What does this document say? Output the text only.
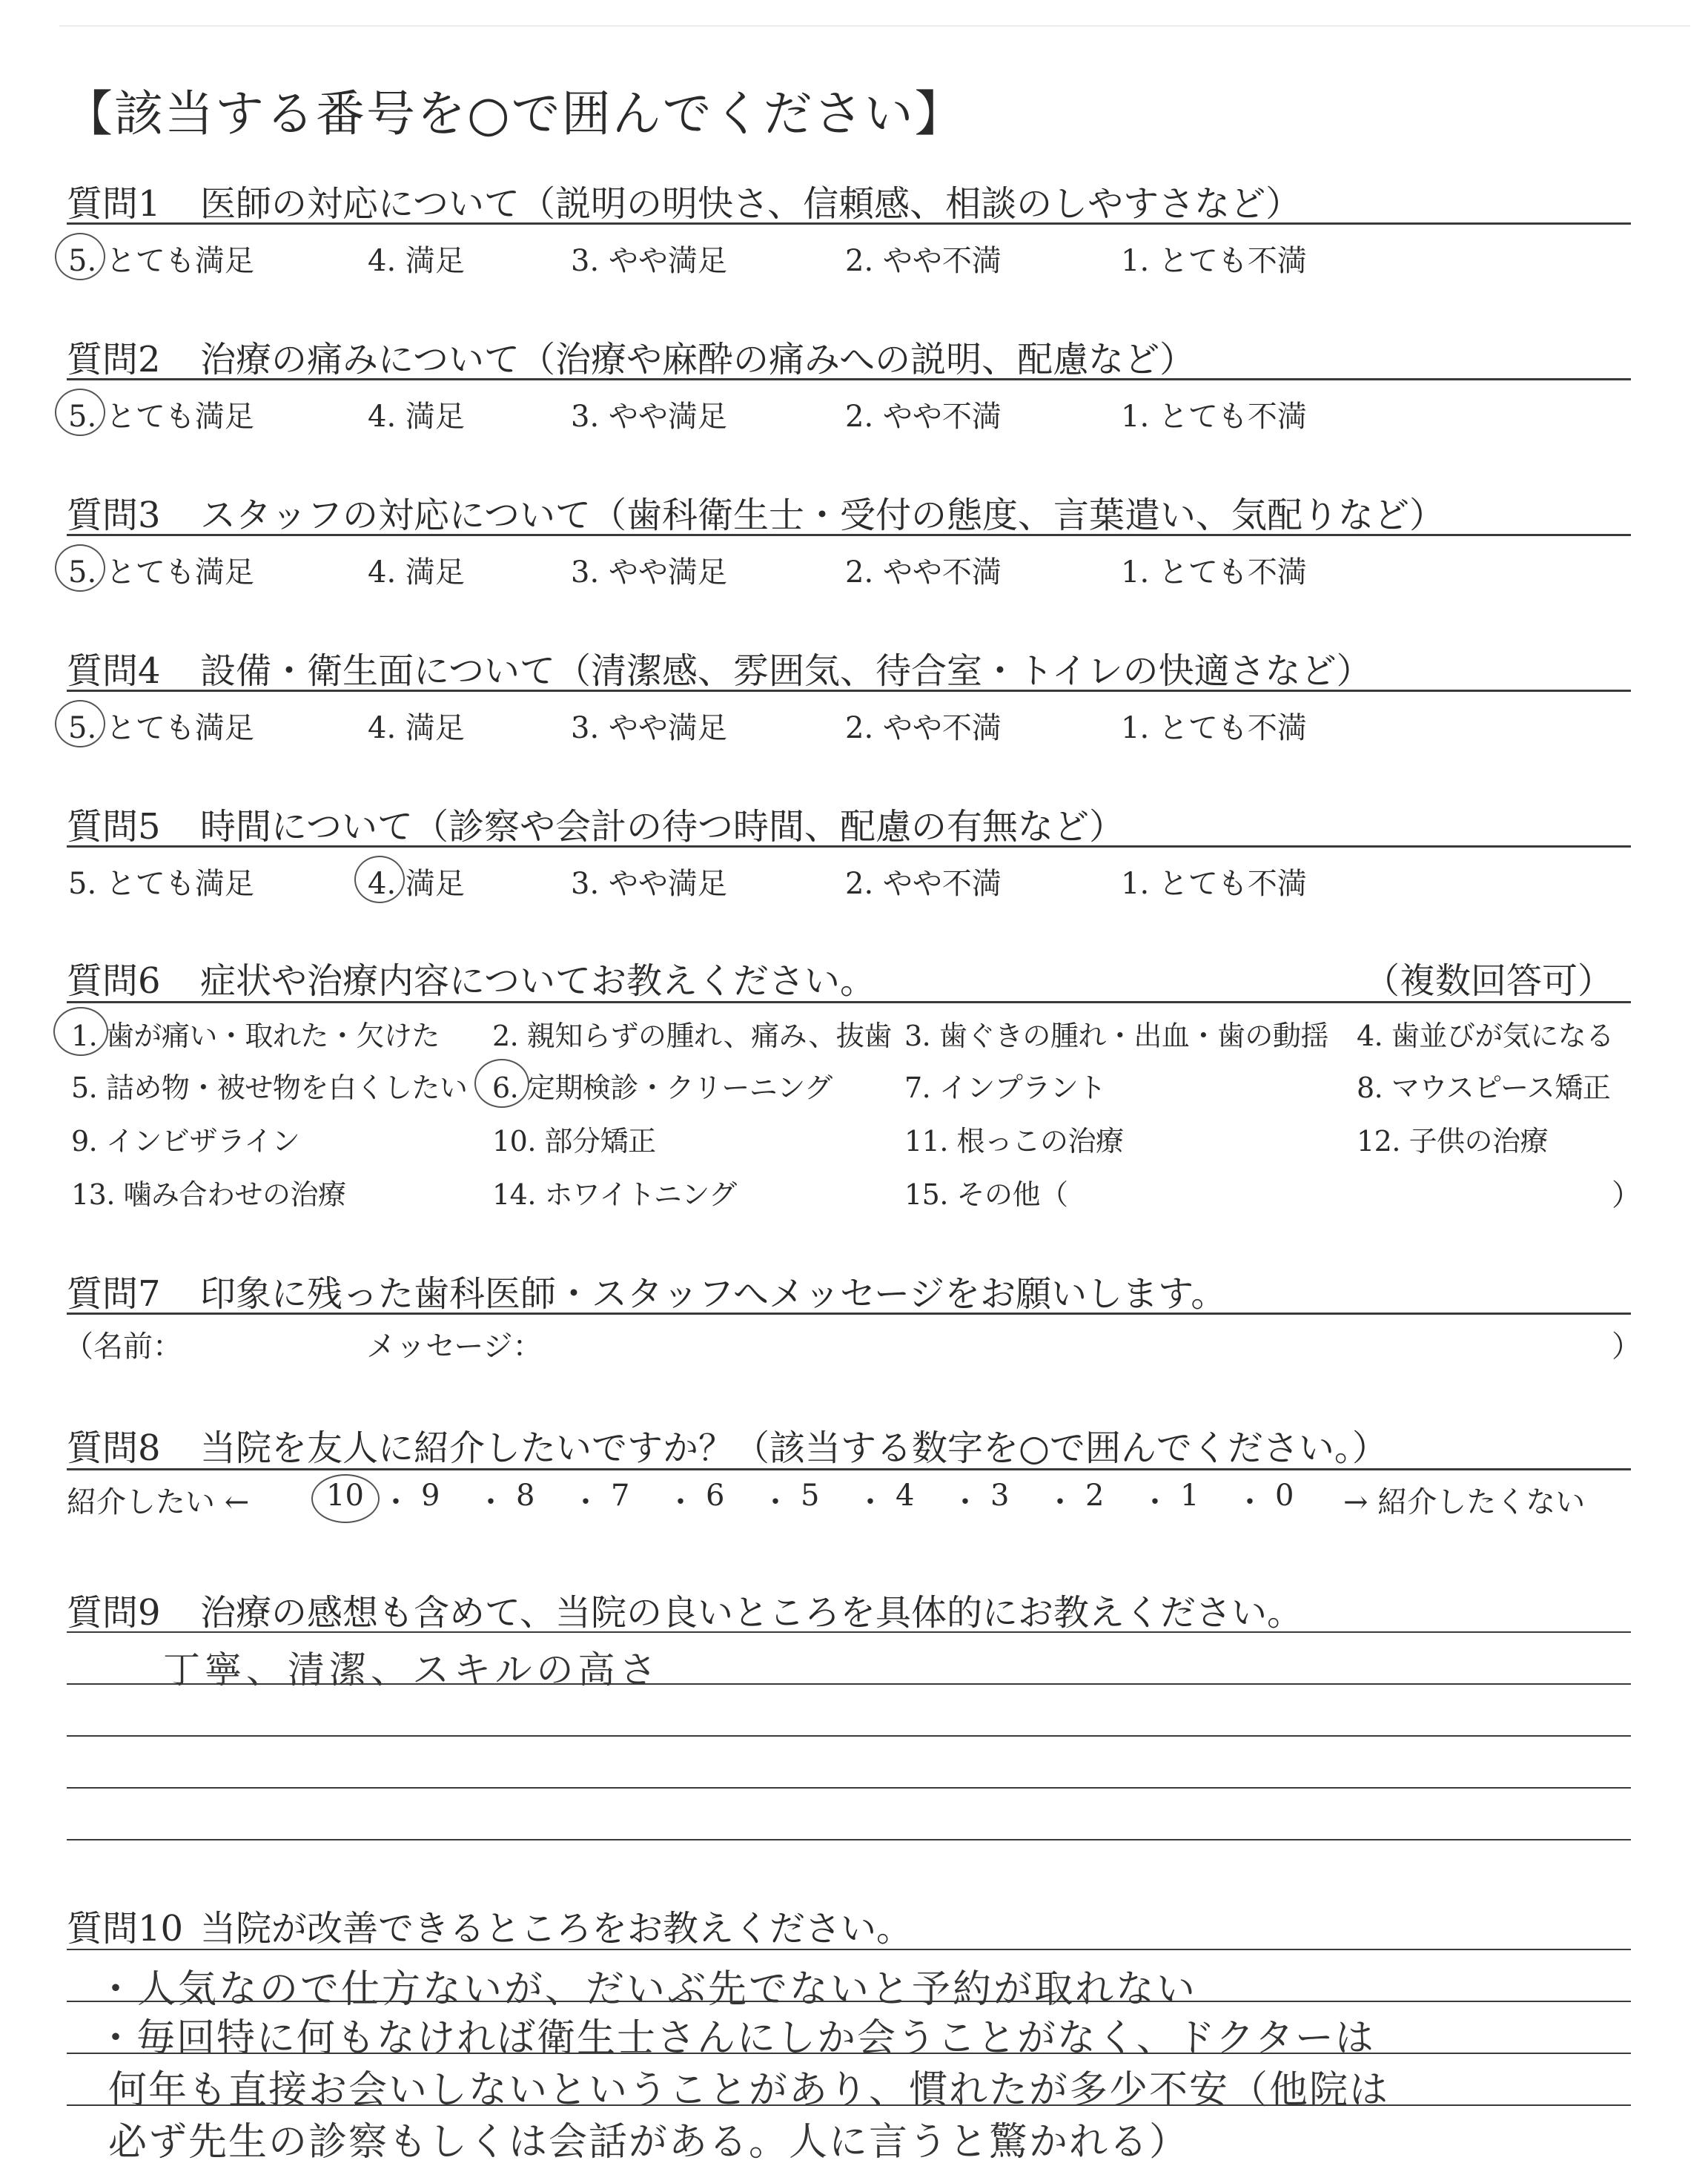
【該当する番号を○で囲んでください】
質問1 医師の対応について（説明の明快さ、信頼感、相談のしやすさなど）
質問2 治療の痛みについて（治療や麻酔の痛みへの説明、配慮など）
質問3 スタッフの対応について（歯科衛生士・受付の態度、言葉遣い、気配りなど）
質問4 設備・衛生面について（清潔感、雰囲気、待合室・トイレの快適さなど）
質問5 時間について（診察や会計の待つ時間、配慮の有無など）
5. とても満足	4. 満足	3. やや満足	2. やや不満	1. とても不満
5. とても満足	4. 満足	3. やや満足	2. やや不満	1. とても不満
5. とても満足	4. 満足	3. やや満足	2. やや不満	1. とても不満
5. とても満足	4. 満足	3. やや満足	2. やや不満	1. とても不満
5. とても満足	4. 満足	3. やや満足	2. やや不満	1. とても不満
質問6 症状や治療内容についてお教えください。	（複数回答可）
1. 歯が痛い・取れた・欠けた 2. 親知らずの腫れ、痛み、抜歯 3. 歯ぐきの腫れ・出血・歯の動揺 4. 歯並びが気になる
5. 詰め物・被せ物を白くしたい 6. 定期検診・クリーニング	7. インプラント	8. マウスピース矯正
9. インビザライン	10. 部分矯正	11. 根っこの治療	12. 子供の治療
13. 噛み合わせの治療	14. ホワイトニング	15. その他（	）
質問7 印象に残った歯科医師・スタッフへメッセージをお願いします。
（名前：	メッセージ：	）
質問8 当院を友人に紹介したいですか？（該当する数字を○で囲んでください。）
紹介したい ←	10 ・ 9 ・ 8 ・ 7 ・ 6 ・ 5 ・ 4 ・ 3 ・ 2 ・ 1 ・ 0 → 紹介したくない
質問9 治療の感想も含めて、当院の良いところを具体的にお教えください。
丁寧、清潔、スキルの高さ
質問10 当院が改善できるところをお教えください。
・人気なので仕方ないが、だいぶ先でないと予約が取れない
・毎回特に何もなければ衛生士さんにしか会うことがなく、ドクターは
何年も直接お会いしないということがあり、慣れたが多少不安（他院は
必ず先生の診察もしくは会話がある。人に言うと驚かれる）
